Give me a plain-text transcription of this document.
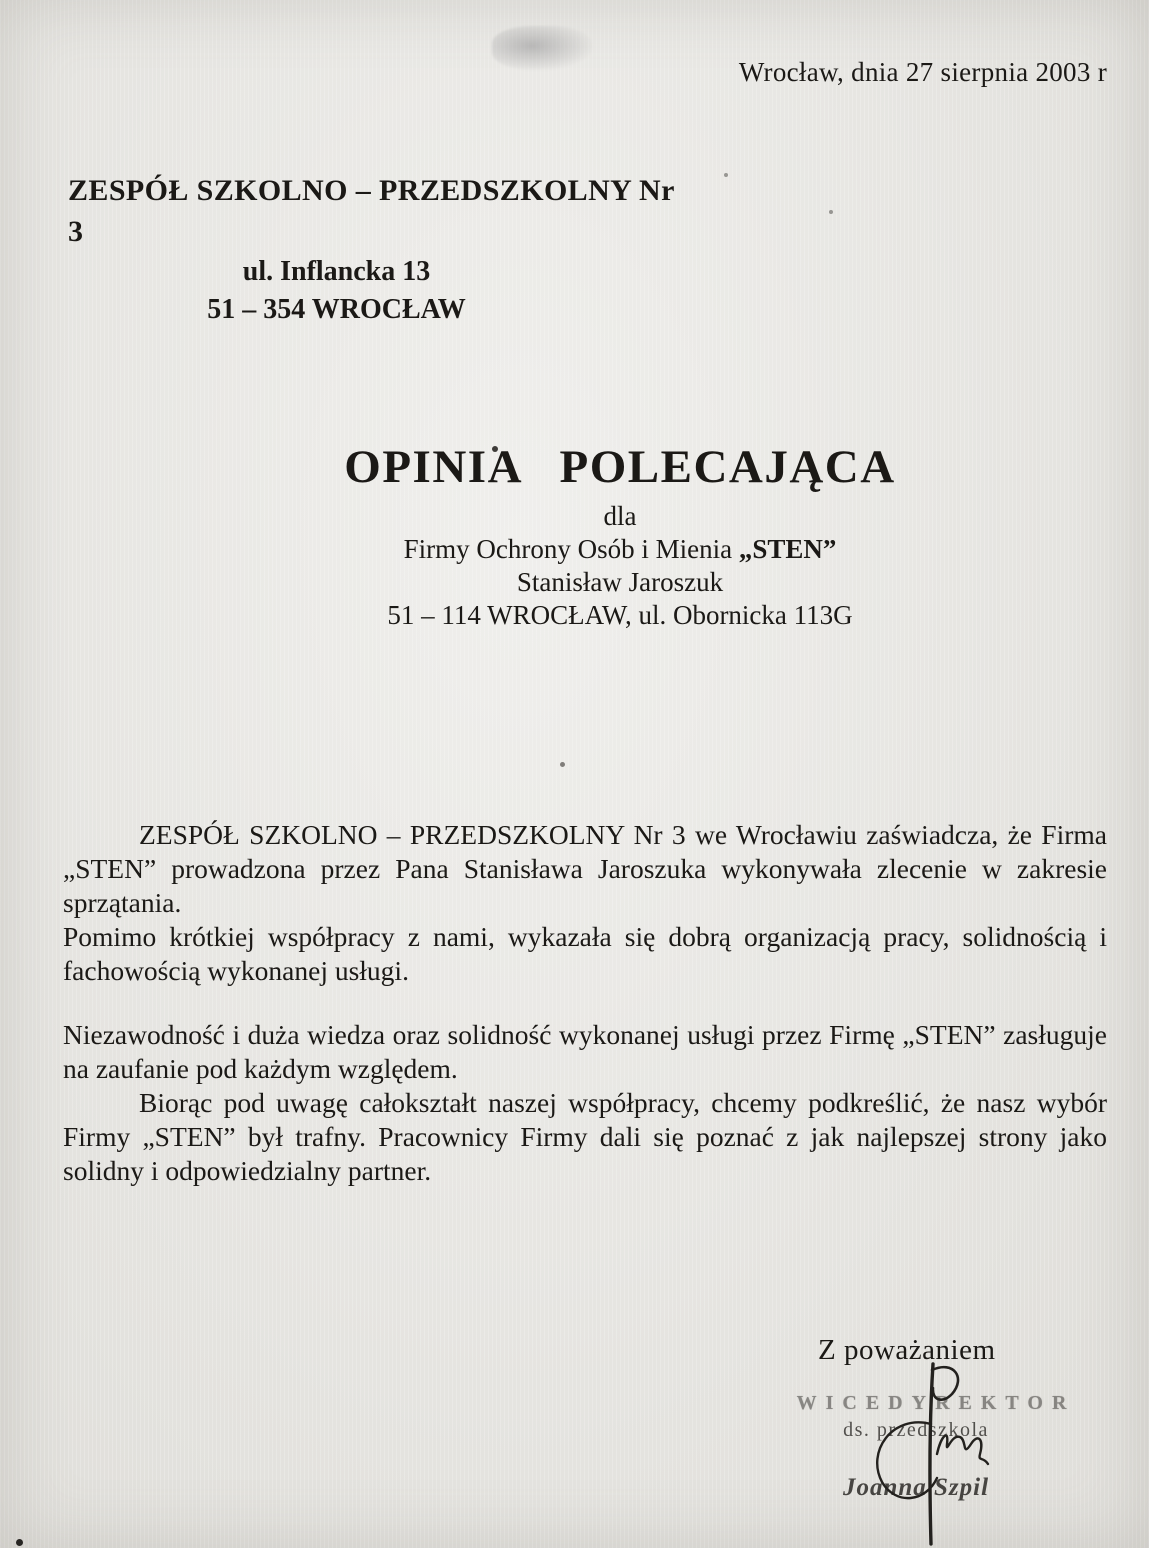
Wrocław, dnia 27 sierpnia 2003 r
ZESPÓŁ SZKOLNO – PRZEDSZKOLNY Nr 3
ul. Inflancka 13
51 – 354 WROCŁAW
OPINIA POLECAJĄCA
dla
Firmy Ochrony Osób i Mienia „STEN”
Stanisław Jaroszuk
51 – 114 WROCŁAW, ul. Obornicka 113G

ZESPÓŁ SZKOLNO – PRZEDSZKOLNY Nr 3 we Wrocławiu zaświadcza, że Firma „STEN” prowadzona przez Pana Stanisława Jaroszuka wykonywała zlecenie w zakresie sprzątania.

Pomimo krótkiej współpracy z nami, wykazała się dobrą organizacją pracy, solidnością i fachowością wykonanej usługi.

Niezawodność i duża wiedza oraz solidność wykonanej usługi przez Firmę „STEN” zasługuje na zaufanie pod każdym względem.

Biorąc pod uwagę całokształt naszej współpracy, chcemy podkreślić, że nasz wybór Firmy „STEN” był trafny. Pracownicy Firmy dali się poznać z jak najlepszej strony jako solidny i odpowiedzialny partner.

Z poważaniem
WICEDYREKTOR
ds. przedszkola
Joanna Szpil
